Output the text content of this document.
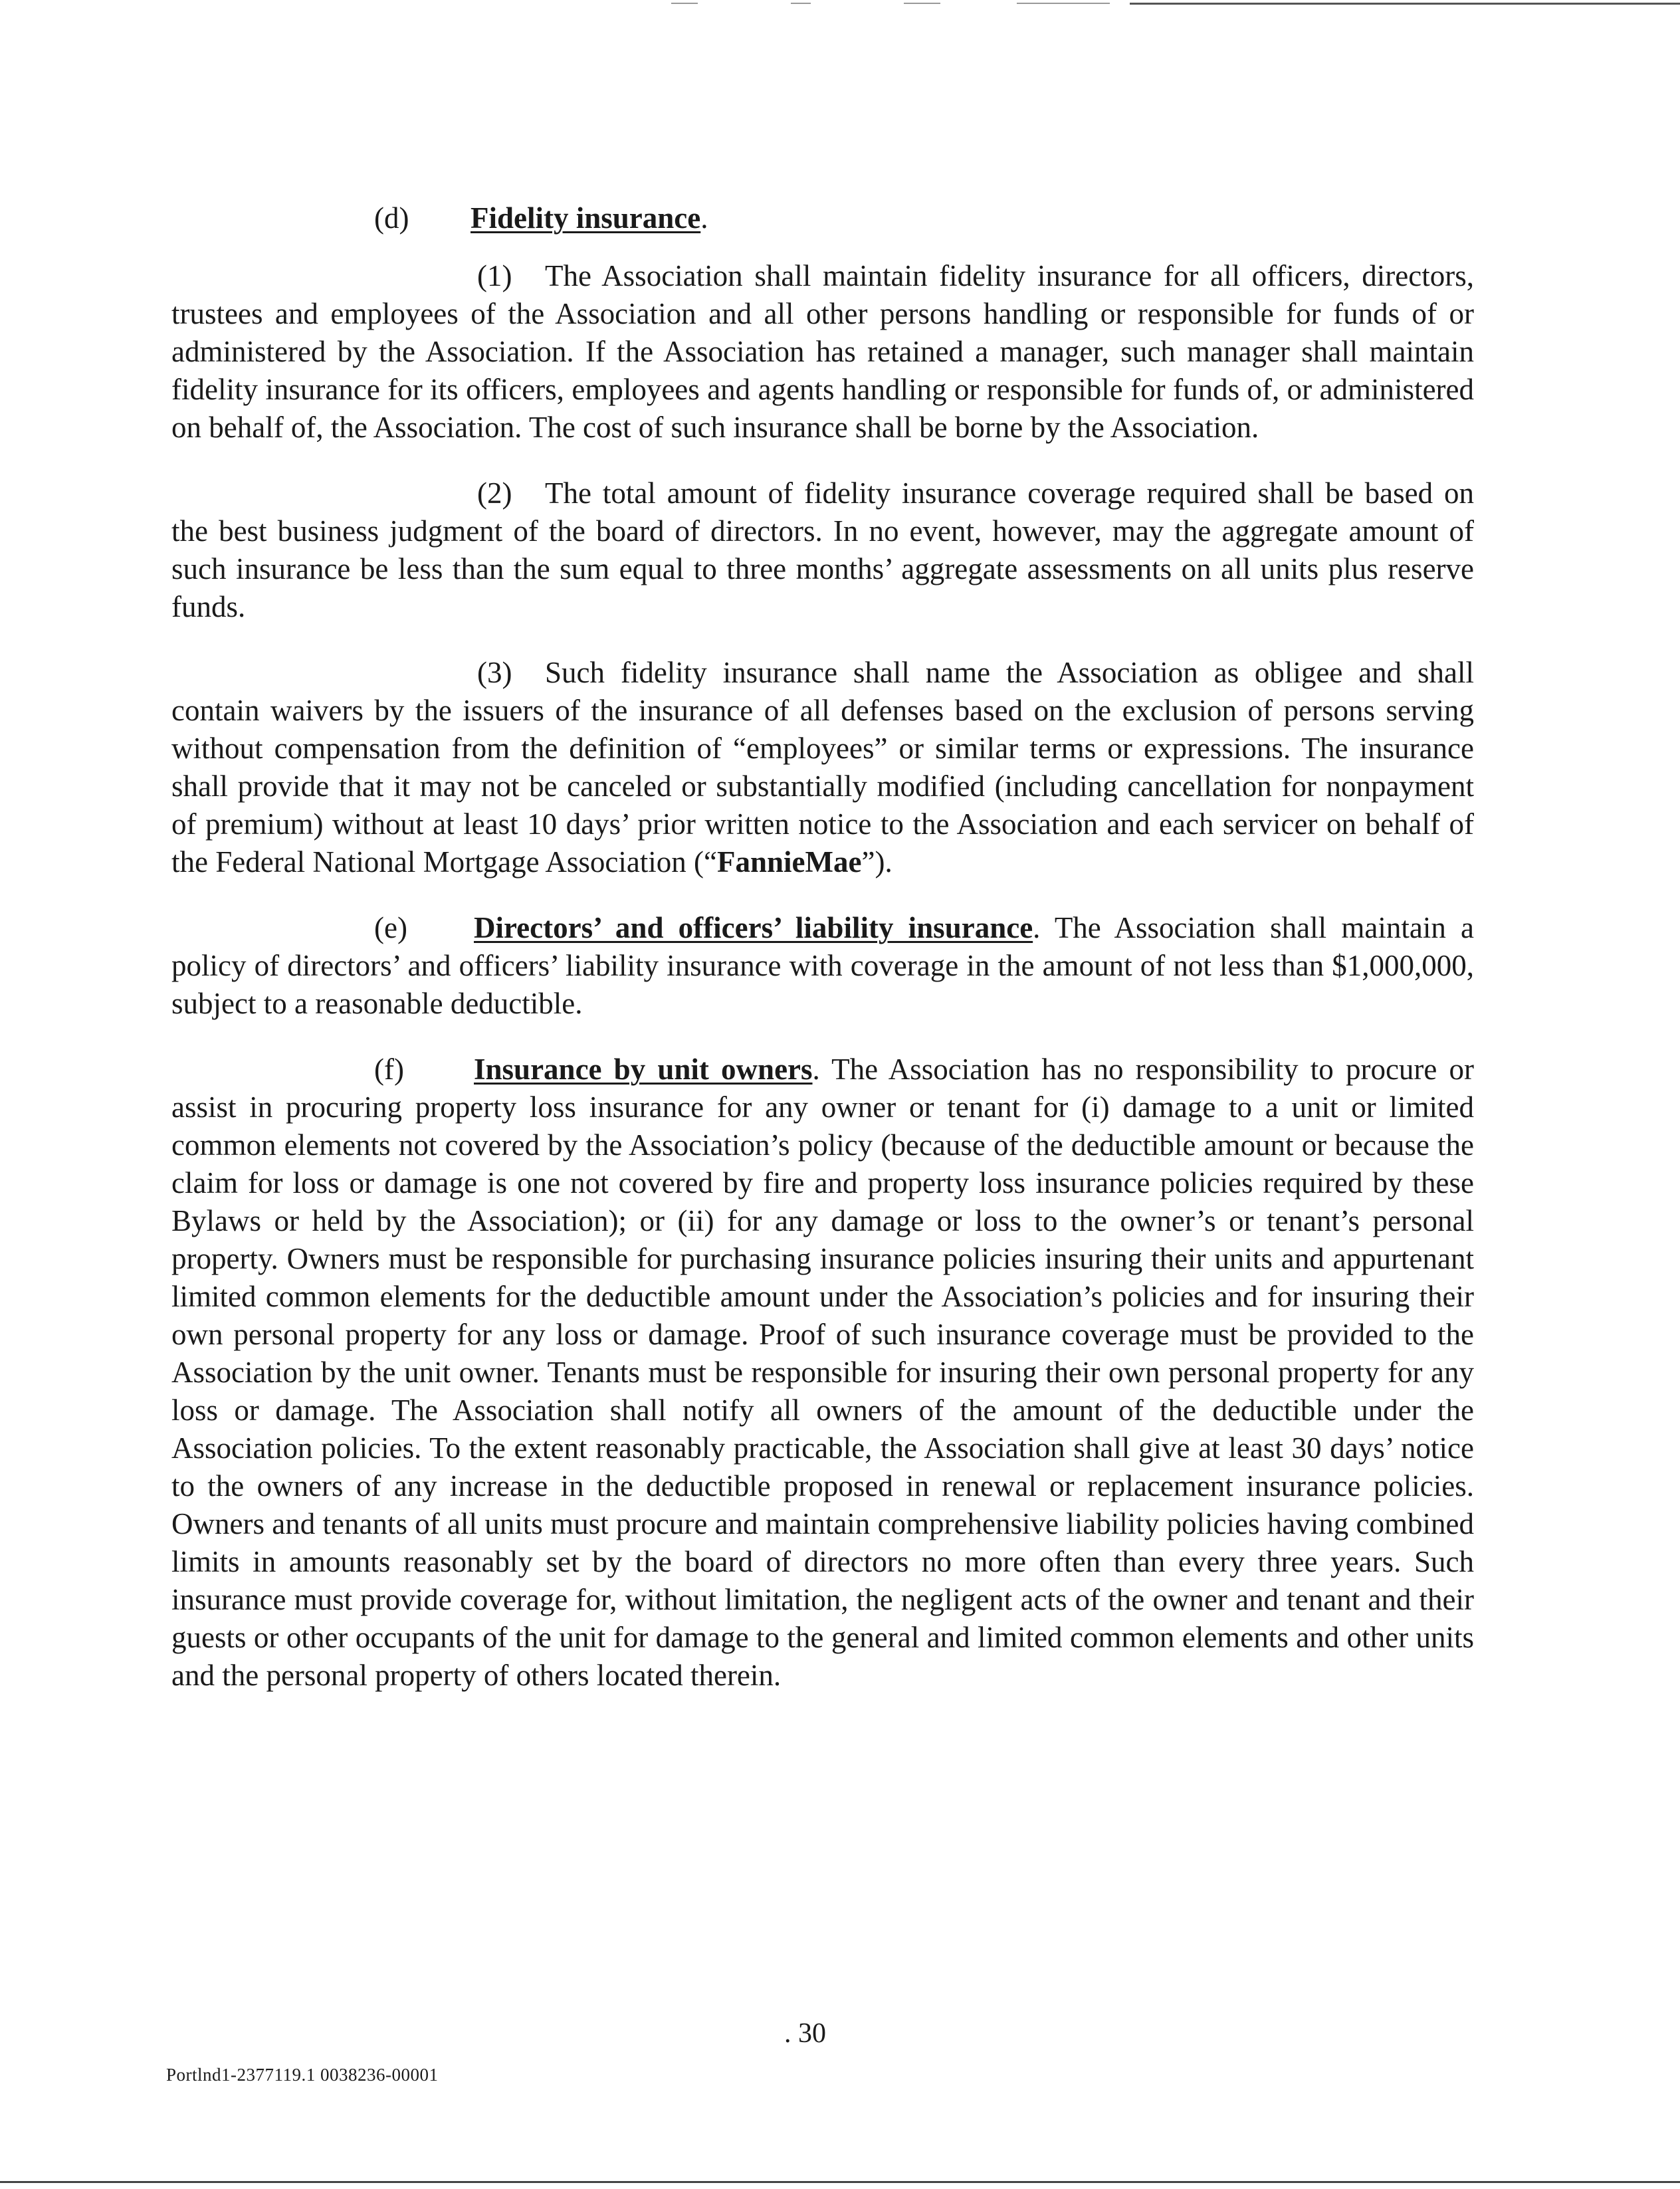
(d) Fidelity insurance.

(1) The Association shall maintain fidelity insurance for all officers, directors, trustees and employees of the Association and all other persons handling or responsible for funds of or administered by the Association. If the Association has retained a manager, such manager shall maintain fidelity insurance for its officers, employees and agents handling or responsible for funds of, or administered on behalf of, the Association. The cost of such insurance shall be borne by the Association.

(2) The total amount of fidelity insurance coverage required shall be based on the best business judgment of the board of directors. In no event, however, may the aggregate amount of such insurance be less than the sum equal to three months’ aggregate assessments on all units plus reserve funds.

(3) Such fidelity insurance shall name the Association as obligee and shall contain waivers by the issuers of the insurance of all defenses based on the exclusion of persons serving without compensation from the definition of “employees” or similar terms or expressions. The insurance shall provide that it may not be canceled or substantially modified (including cancellation for nonpayment of premium) without at least 10 days’ prior written notice to the Association and each servicer on behalf of the Federal National Mortgage Association (“FannieMae”).

(e) Directors’ and officers’ liability insurance. The Association shall maintain a policy of directors’ and officers’ liability insurance with coverage in the amount of not less than $1,000,000, subject to a reasonable deductible.

(f) Insurance by unit owners. The Association has no responsibility to procure or assist in procuring property loss insurance for any owner or tenant for (i) damage to a unit or limited common elements not covered by the Association’s policy (because of the deductible amount or because the claim for loss or damage is one not covered by fire and property loss insurance policies required by these Bylaws or held by the Association); or (ii) for any damage or loss to the owner’s or tenant’s personal property. Owners must be responsible for purchasing insurance policies insuring their units and appurtenant limited common elements for the deductible amount under the Association’s policies and for insuring their own personal property for any loss or damage. Proof of such insurance coverage must be provided to the Association by the unit owner. Tenants must be responsible for insuring their own personal property for any loss or damage. The Association shall notify all owners of the amount of the deductible under the Association policies. To the extent reasonably practicable, the Association shall give at least 30 days’ notice to the owners of any increase in the deductible proposed in renewal or replacement insurance policies. Owners and tenants of all units must procure and maintain comprehensive liability policies having combined limits in amounts reasonably set by the board of directors no more often than every three years. Such insurance must provide coverage for, without limitation, the negligent acts of the owner and tenant and their guests or other occupants of the unit for damage to the general and limited common elements and other units and the personal property of others located therein.

. 30
Portlnd1-2377119.1 0038236-00001
